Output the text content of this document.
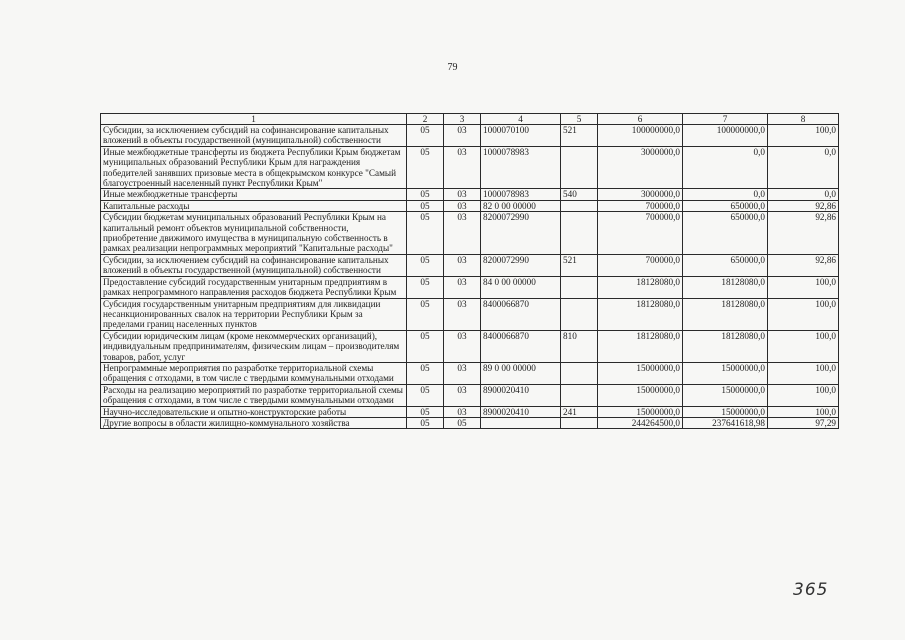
79
1	2	3	4	5	6	7	8
Субсидии, за исключением субсидий на софинансирование капитальных вложений в объекты государственной (муниципальной) собственности	05	03	1000070100	521	100000000,0	100000000,0	100,0
Иные межбюджетные трансферты из бюджета Республики Крым бюджетам муниципальных образований Республики Крым для награждения победителей занявших призовые места в общекрымском конкурсе "Самый благоустроенный населенный пункт Республики Крым"	05	03	1000078983		3000000,0	0,0	0,0
Иные межбюджетные трансферты	05	03	1000078983	540	3000000,0	0,0	0,0
Капитальные расходы	05	03	82 0 00 00000		700000,0	650000,0	92,86
Субсидии бюджетам муниципальных образований Республики Крым на капитальный ремонт объектов муниципальной собственности, приобретение движимого имущества в муниципальную собственность в рамках реализации непрограммных мероприятий "Капитальные расходы"	05	03	8200072990		700000,0	650000,0	92,86
Субсидии, за исключением субсидий на софинансирование капитальных вложений в объекты государственной (муниципальной) собственности	05	03	8200072990	521	700000,0	650000,0	92,86
Предоставление субсидий государственным унитарным предприятиям в рамках непрограммного направления расходов бюджета Республики Крым	05	03	84 0 00 00000		18128080,0	18128080,0	100,0
Субсидия государственным унитарным предприятиям для ликвидации несанкционированных свалок на территории Республики Крым за пределами границ населенных пунктов	05	03	8400066870		18128080,0	18128080,0	100,0
Субсидии юридическим лицам (кроме некоммерческих организаций), индивидуальным предпринимателям, физическим лицам – производителям товаров, работ, услуг	05	03	8400066870	810	18128080,0	18128080,0	100,0
Непрограммные мероприятия по разработке территориальной схемы обращения с отходами, в том числе с твердыми коммунальными отходами	05	03	89 0 00 00000		15000000,0	15000000,0	100,0
Расходы на реализацию мероприятий по разработке территориальной схемы обращения с отходами, в том числе с твердыми коммунальными отходами	05	03	8900020410		15000000,0	15000000,0	100,0
Научно-исследовательские и опытно-конструкторские работы	05	03	8900020410	241	15000000,0	15000000,0	100,0
Другие вопросы в области жилищно-коммунального хозяйства	05	05			244264500,0	237641618,98	97,29
365
